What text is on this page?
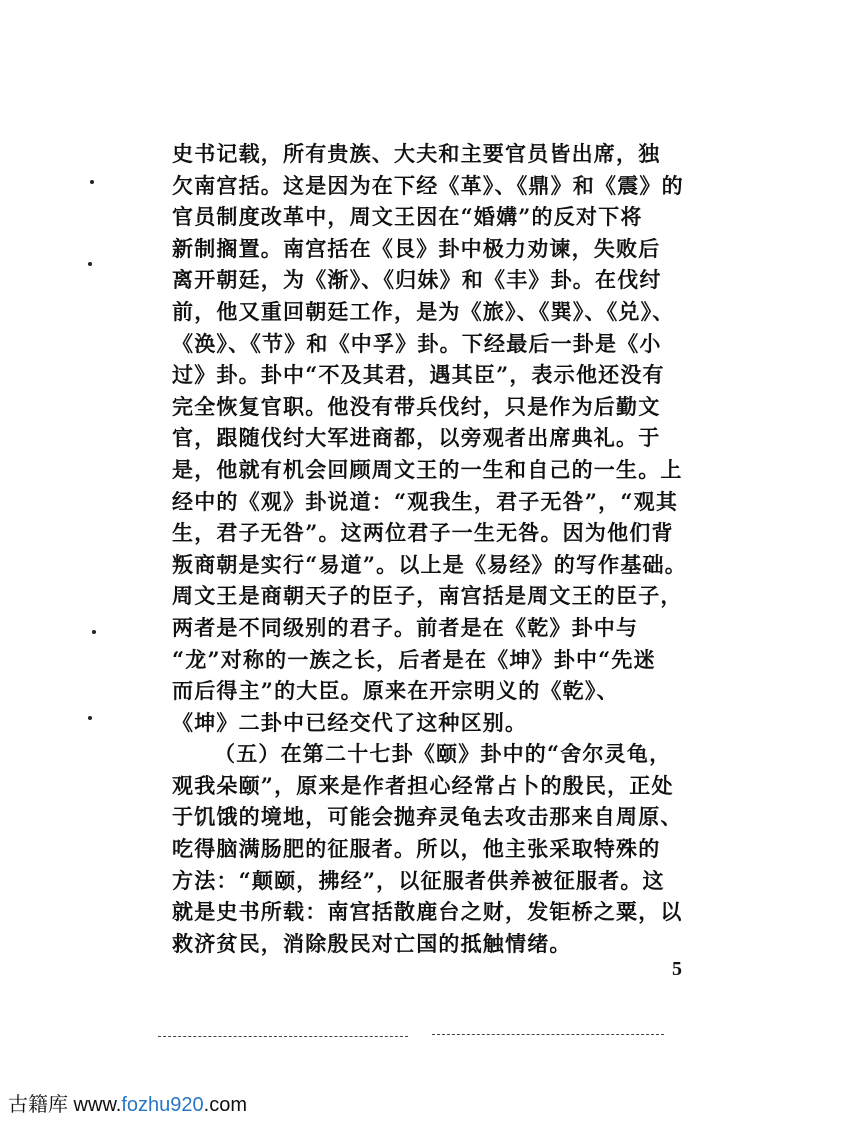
史书记载，所有贵族、大夫和主要官员皆出席，独
欠南宫括。这是因为在下经《革》、《鼎》和《震》的
官员制度改革中，周文王因在“婚媾”的反对下将
新制搁置。南宫括在《艮》卦中极力劝谏，失败后
离开朝廷，为《渐》、《归妹》和《丰》卦。在伐纣
前，他又重回朝廷工作，是为《旅》、《巽》、《兑》、
《涣》、《节》和《中孚》卦。下经最后一卦是《小
过》卦。卦中“不及其君，遇其臣”，表示他还没有
完全恢复官职。他没有带兵伐纣，只是作为后勤文
官，跟随伐纣大军进商都，以旁观者出席典礼。于
是，他就有机会回顾周文王的一生和自己的一生。上
经中的《观》卦说道：“观我生，君子无咎”，“观其
生，君子无咎”。这两位君子一生无咎。因为他们背
叛商朝是实行“易道”。以上是《易经》的写作基础。
周文王是商朝天子的臣子，南宫括是周文王的臣子，
两者是不同级别的君子。前者是在《乾》卦中与
“龙”对称的一族之长，后者是在《坤》卦中“先迷
而后得主”的大臣。原来在开宗明义的《乾》、
《坤》二卦中已经交代了这种区别。
（五）在第二十七卦《颐》卦中的“舍尔灵龟，
观我朵颐”，原来是作者担心经常占卜的殷民，正处
于饥饿的境地，可能会抛弃灵龟去攻击那来自周原、
吃得脑满肠肥的征服者。所以，他主张采取特殊的
方法：“颠颐，拂经”，以征服者供养被征服者。这
就是史书所载：南宫括散鹿台之财，发钜桥之粟，以
救济贫民，消除殷民对亡国的抵触情绪。
5
古籍库 www.fozhu920.com
